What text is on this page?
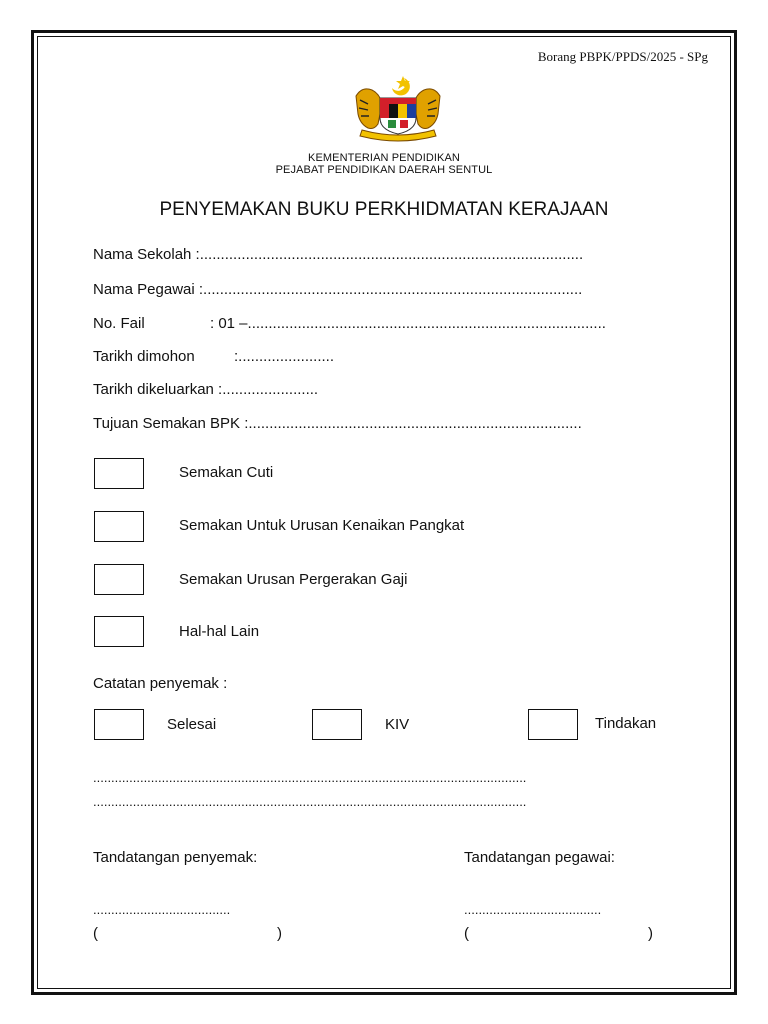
Borang PBPK/PPDS/2025 - SPg
KEMENTERIAN PENDIDIKAN
PEJABAT PENDIDIKAN DAERAH SENTUL
PENYEMAKAN BUKU PERKHIDMATAN KERAJAAN
Nama Sekolah :............................................................................................
Nama Pegawai :...........................................................................................
No. Fail	: 01 –......................................................................................
Tarikh dimohon	:.......................
Tarikh dikeluarkan :.......................
Tujuan Semakan BPK :................................................................................
Semakan Cuti
Semakan Untuk Urusan Kenaikan Pangkat
Semakan Urusan Pergerakan Gaji
Hal-hal Lain
Catatan penyemak :
Selesai	KIV	Tindakan
........................................................................................................................
........................................................................................................................
Tandatangan penyemak:	Tandatangan pegawai:
......................................	......................................
(	)	(	)
